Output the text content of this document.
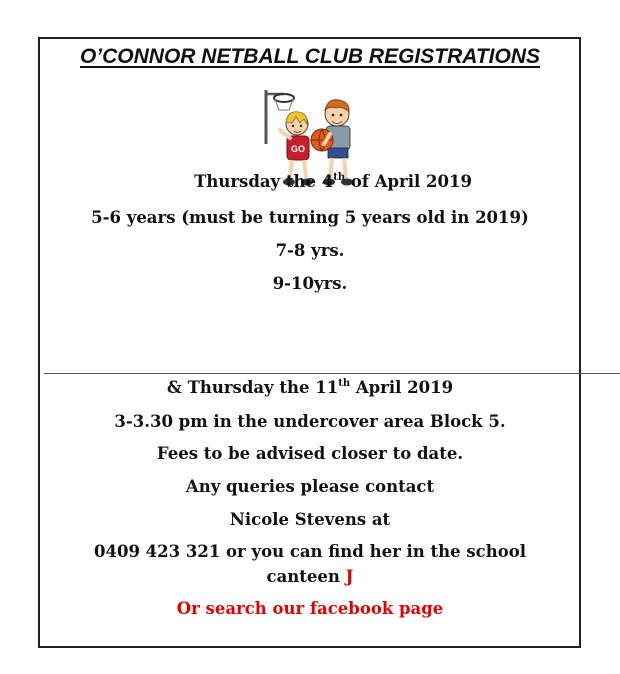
O’CONNOR NETBALL CLUB REGISTRATIONS
GO
Thursday the 4th of April 2019
5-6 years (must be turning 5 years old in 2019)
7-8 yrs.
9-10yrs.
& Thursday the 11th April 2019
3-3.30 pm in the undercover area Block 5.
Fees to be advised closer to date.
Any queries please contact
Nicole Stevens at
0409 423 321 or you can find her in the school
canteen J
Or search our facebook page
